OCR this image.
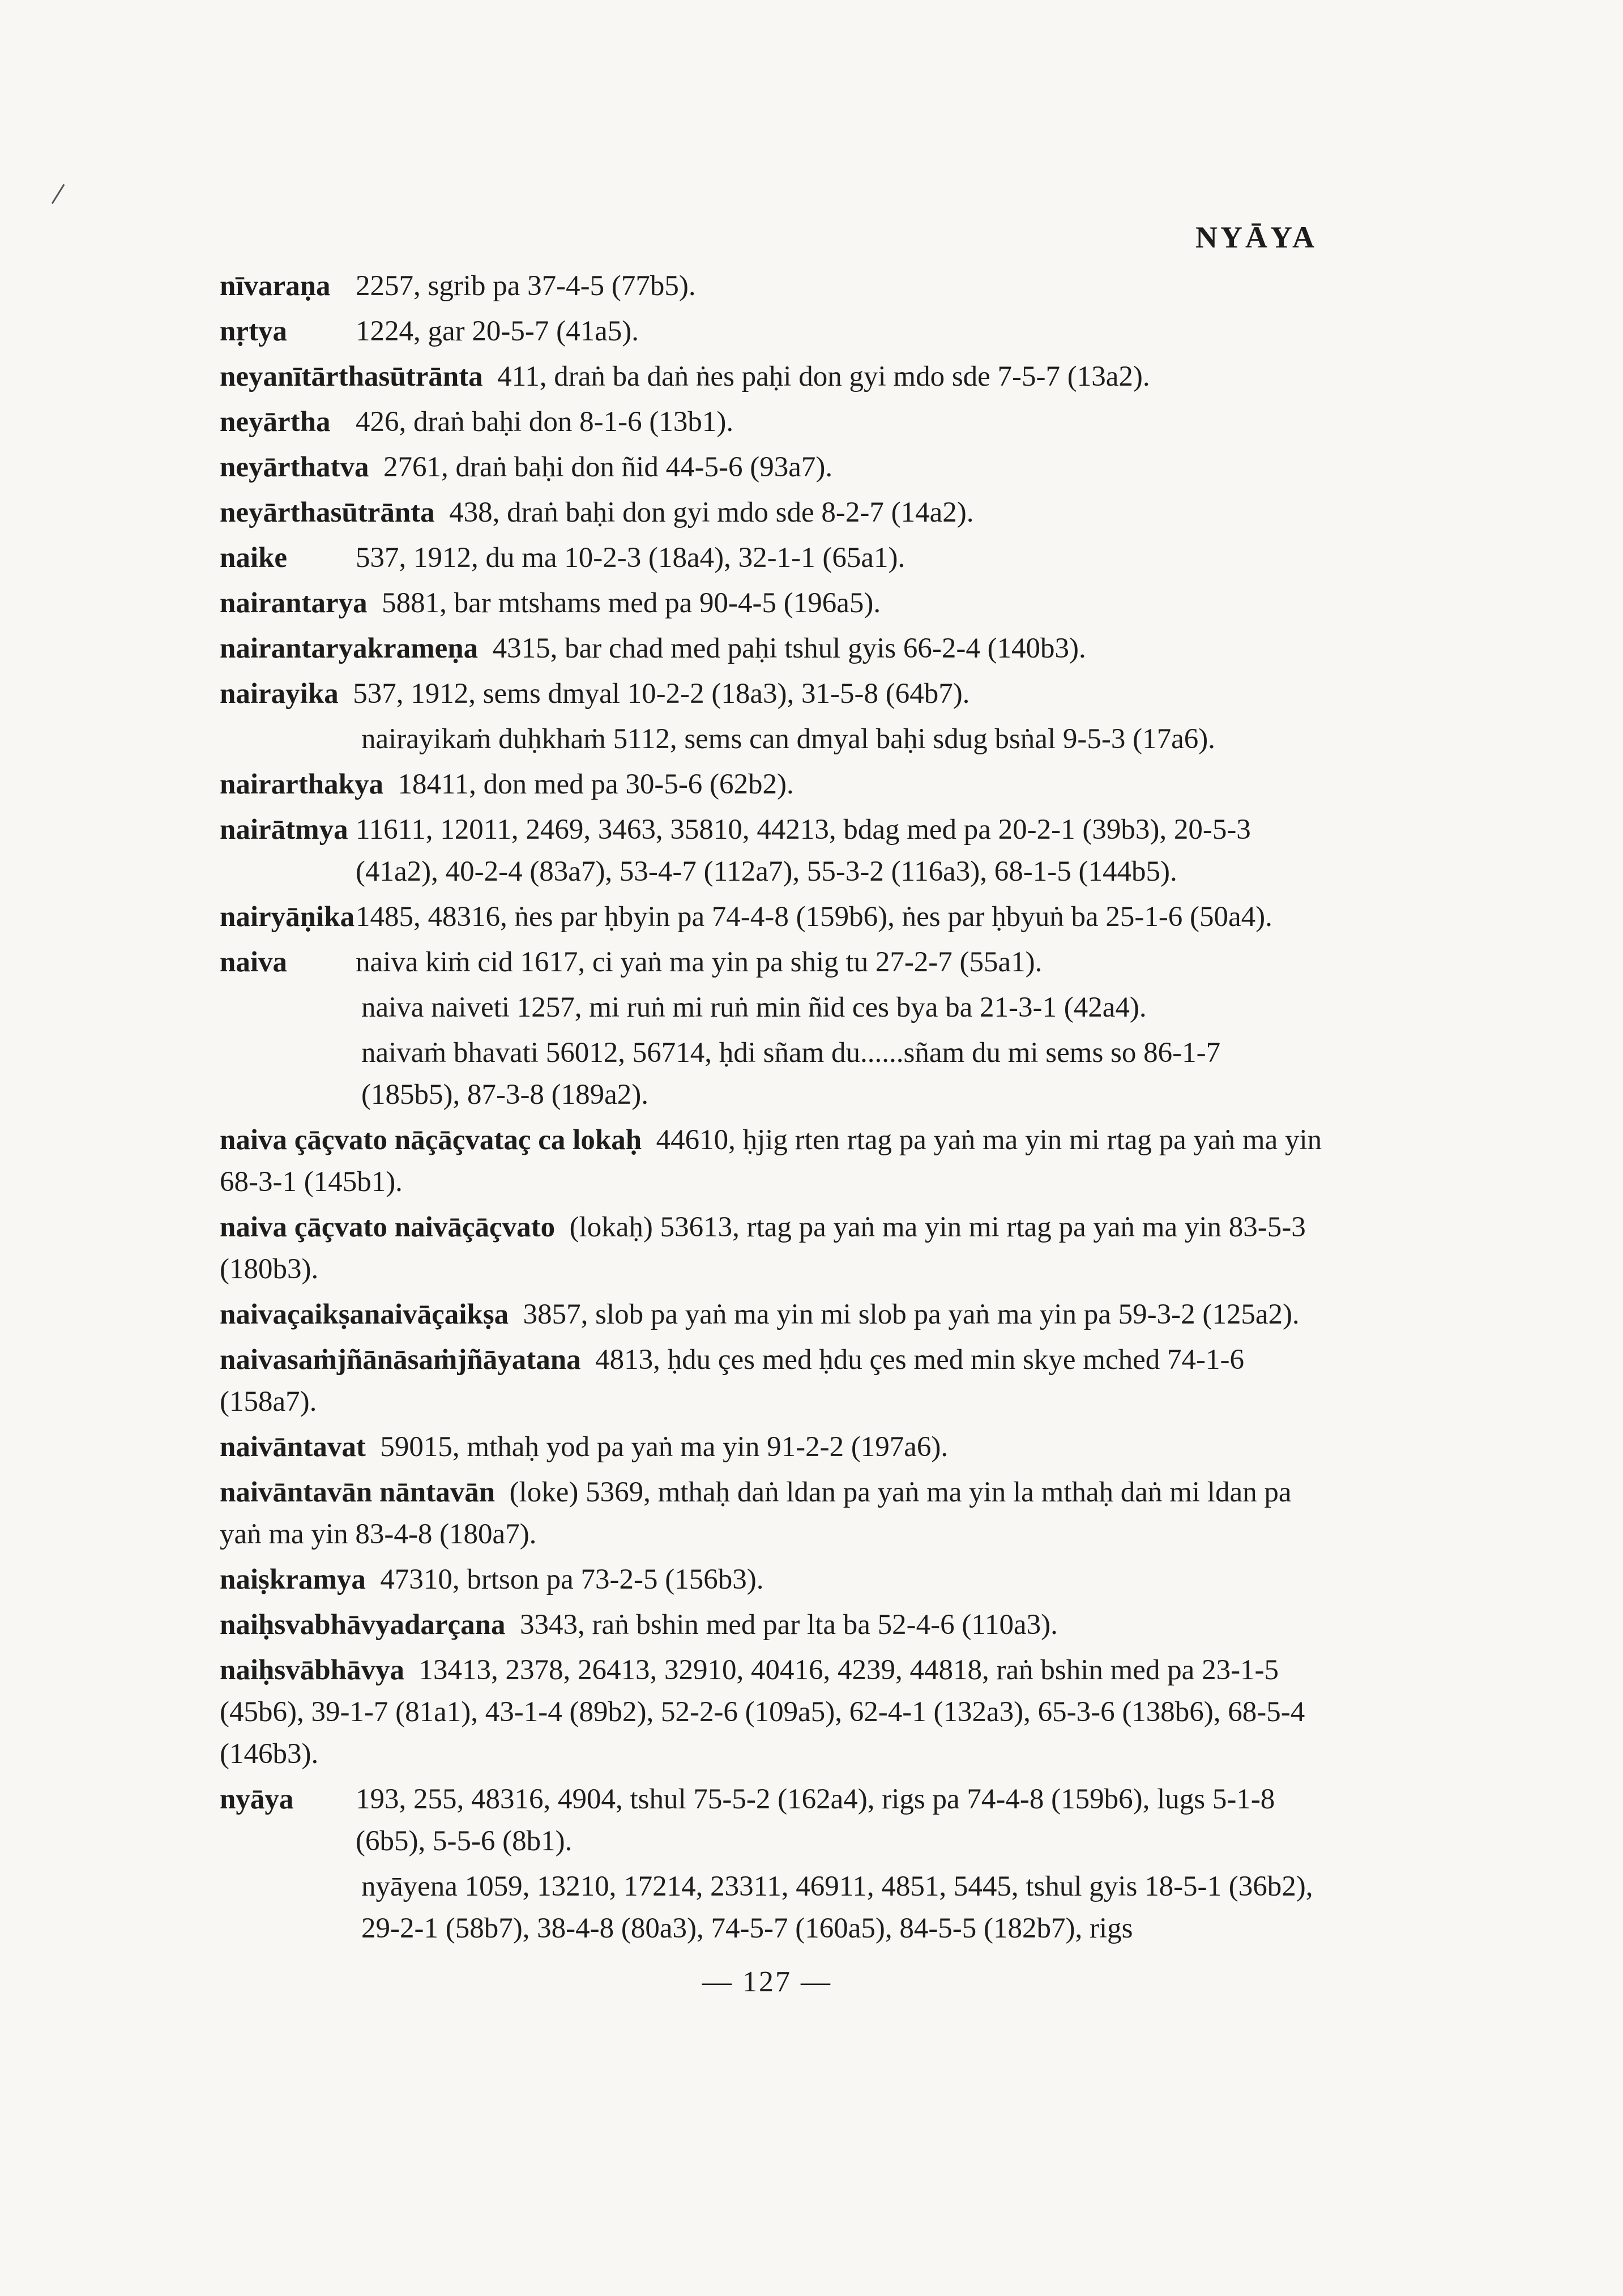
NYĀYA
nīvaraṇa 2257, sgrib pa 37-4-5 (77b5).
nṛtya 1224, gar 20-5-7 (41a5).
neyanītārthasūtrānta 411, draṅ ba daṅ ṅes paḥi don gyi mdo sde 7-5-7 (13a2).
neyārtha 426, draṅ baḥi don 8-1-6 (13b1).
neyārthatva 2761, draṅ baḥi don ñid 44-5-6 (93a7).
neyārthasūtrānta 438, draṅ baḥi don gyi mdo sde 8-2-7 (14a2).
naike 537, 1912, du ma 10-2-3 (18a4), 32-1-1 (65a1).
nairantarya 5881, bar mtshams med pa 90-4-5 (196a5).
nairantaryakrameṇa 4315, bar chad med paḥi tshul gyis 66-2-4 (140b3).
nairayika 537, 1912, sems dmyal 10-2-2 (18a3), 31-5-8 (64b7).
nairayikaṁ duḥkhaṁ 5112, sems can dmyal baḥi sdug bsṅal 9-5-3 (17a6).
nairarthakya 18411, don med pa 30-5-6 (62b2).
nairātmya 11611, 12011, 2469, 3463, 35810, 44213, bdag med pa 20-2-1 (39b3), 20-5-3 (41a2), 40-2-4 (83a7), 53-4-7 (112a7), 55-3-2 (116a3), 68-1-5 (144b5).
nairyāṇika 1485, 48316, ṅes par ḥbyin pa 74-4-8 (159b6), ṅes par ḥbyuṅ ba 25-1-6 (50a4).
naiva naiva kiṁ cid 1617, ci yaṅ ma yin pa shig tu 27-2-7 (55a1).
naiva naiveti 1257, mi ruṅ mi ruṅ min ñid ces bya ba 21-3-1 (42a4).
naivaṁ bhavati 56012, 56714, ḥdi sñam du......sñam du mi sems so 86-1-7 (185b5), 87-3-8 (189a2).
naiva çāçvato nāçāçvataç ca lokaḥ 44610, ḥjig rten rtag pa yaṅ ma yin mi rtag pa yaṅ ma yin 68-3-1 (145b1).
naiva çāçvato naivāçāçvato (lokaḥ) 53613, rtag pa yaṅ ma yin mi rtag pa yaṅ ma yin 83-5-3 (180b3).
naivaçaikṣanaivāçaikṣa 3857, slob pa yaṅ ma yin mi slob pa yaṅ ma yin pa 59-3-2 (125a2).
naivasaṁjñānāsaṁjñāyatana 4813, ḥdu çes med ḥdu çes med min skye mched 74-1-6 (158a7).
naivāntavat 59015, mthaḥ yod pa yaṅ ma yin 91-2-2 (197a6).
naivāntavān nāntavān (loke) 5369, mthaḥ daṅ ldan pa yaṅ ma yin la mthaḥ daṅ mi ldan pa yaṅ ma yin 83-4-8 (180a7).
naiṣkramya 47310, brtson pa 73-2-5 (156b3).
naiḥsvabhāvyadarçana 3343, raṅ bshin med par lta ba 52-4-6 (110a3).
naiḥsvābhāvya 13413, 2378, 26413, 32910, 40416, 4239, 44818, raṅ bshin med pa 23-1-5 (45b6), 39-1-7 (81a1), 43-1-4 (89b2), 52-2-6 (109a5), 62-4-1 (132a3), 65-3-6 (138b6), 68-5-4 (146b3).
nyāya 193, 255, 48316, 4904, tshul 75-5-2 (162a4), rigs pa 74-4-8 (159b6), lugs 5-1-8 (6b5), 5-5-6 (8b1).
nyāyena 1059, 13210, 17214, 23311, 46911, 4851, 5445, tshul gyis 18-5-1 (36b2), 29-2-1 (58b7), 38-4-8 (80a3), 74-5-7 (160a5), 84-5-5 (182b7), rigs
— 127 —
